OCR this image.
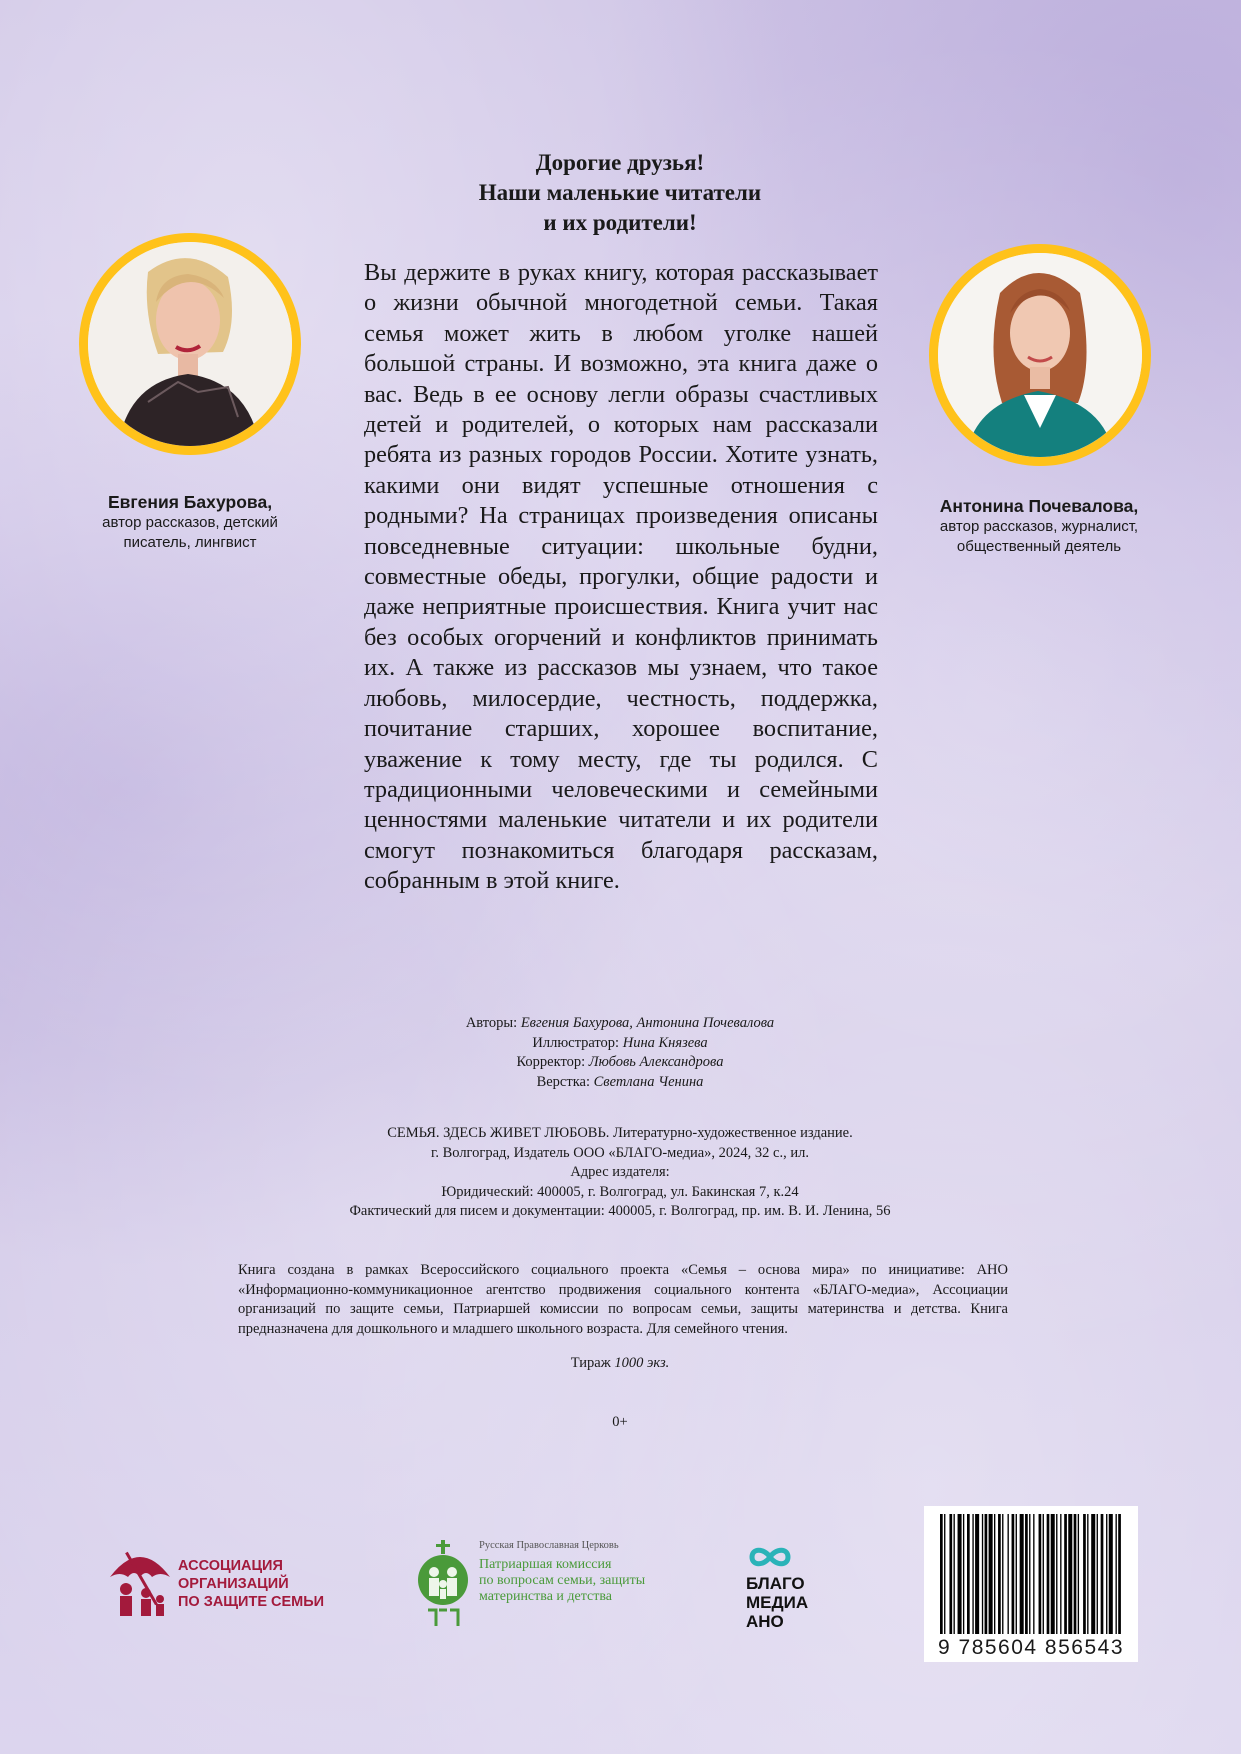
Дорогие друзья!
Наши маленькие читатели
и их родители!
Вы держите в руках книгу, которая рассказывает о жизни обычной многодетной семьи. Такая семья может жить в любом уголке нашей большой страны. И возможно, эта книга даже о вас. Ведь в ее основу легли образы счастливых детей и родителей, о которых нам рассказали ребята из разных городов России. Хотите узнать, какими они видят успешные отношения с родными? На страницах произведения описаны повседневные ситуации: школьные будни, совместные обеды, прогулки, общие радости и даже неприятные происшествия. Книга учит нас без особых огорчений и конфликтов принимать их. А также из рассказов мы узнаем, что такое любовь, милосердие, честность, поддержка, почитание старших, хорошее воспитание, уважение к тому месту, где ты родился. С традиционными человеческими и семейными ценностями маленькие читатели и их родители смогут познакомиться благодаря рассказам, собранным в этой книге.
Евгения Бахурова,
автор рассказов, детский
писатель, лингвист
Антонина Почевалова,
автор рассказов, журналист,
общественный деятель
Авторы: Евгения Бахурова, Антонина Почевалова
Иллюстратор: Нина Князева
Корректор: Любовь Александрова
Верстка: Светлана Ченина
СЕМЬЯ. ЗДЕСЬ ЖИВЕТ ЛЮБОВЬ. Литературно-художественное издание.
г. Волгоград, Издатель ООО «БЛАГО-медиа», 2024, 32 с., ил.
Адрес издателя:
Юридический: 400005, г. Волгоград, ул. Бакинская 7, к.24
Фактический для писем и документации: 400005, г. Волгоград, пр. им. В. И. Ленина, 56
Книга создана в рамках Всероссийского социального проекта «Семья – основа мира» по инициативе: АНО «Информационно-коммуникационное агентство продвижения социального контента «БЛАГО-медиа», Ассоциации организаций по защите семьи, Патриаршей комиссии по вопросам семьи, защиты материнства и детства. Книга предназначена для дошкольного и младшего школьного возраста. Для семейного чтения.
Тираж 1000 экз.
0+
АССОЦИАЦИЯ
ОРГАНИЗАЦИЙ
ПО ЗАЩИТЕ СЕМЬИ
Русская Православная Церковь
Патриаршая комиссия
по вопросам семьи, защиты
материнства и детства
БЛАГО
МЕДИА
АНО
9 785604 856543
